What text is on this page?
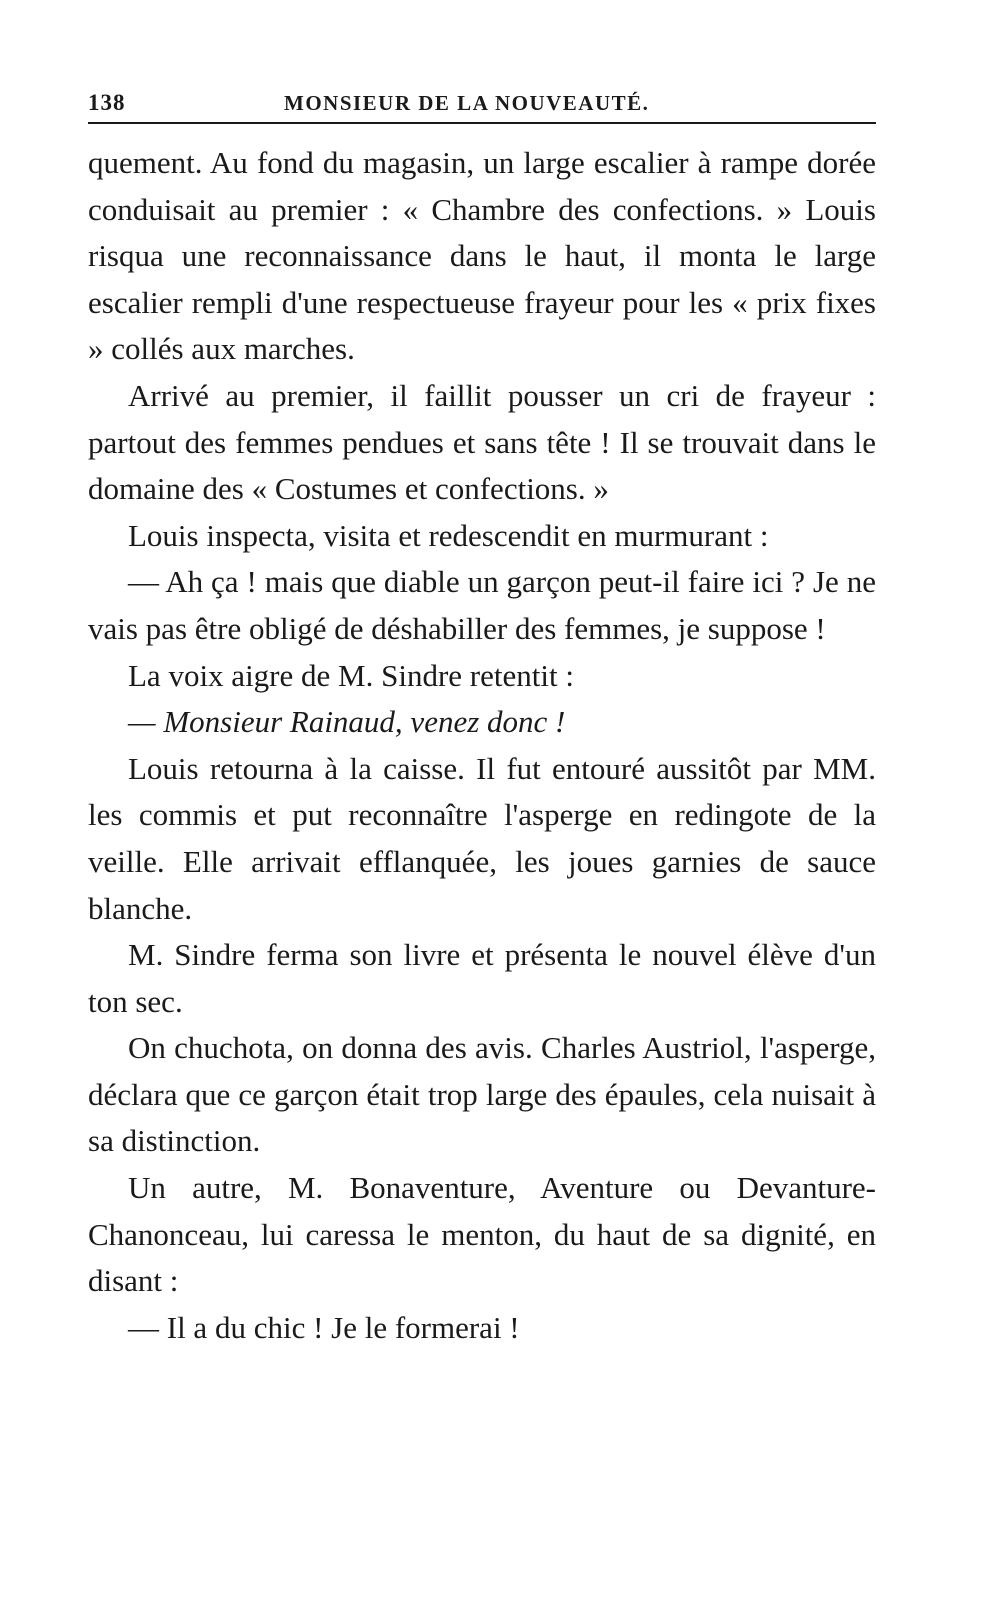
138	MONSIEUR DE LA NOUVEAUTÉ.

quement. Au fond du magasin, un large escalier à rampe dorée conduisait au premier : « Chambre des confections. » Louis risqua une reconnaissance dans le haut, il monta le large escalier rempli d'une respectueuse frayeur pour les « prix fixes » collés aux marches.

Arrivé au premier, il faillit pousser un cri de frayeur : partout des femmes pendues et sans tête ! Il se trouvait dans le domaine des « Costumes et confections. »

Louis inspecta, visita et redescendit en murmurant :

— Ah ça ! mais que diable un garçon peut-il faire ici ? Je ne vais pas être obligé de déshabiller des femmes, je suppose !

La voix aigre de M. Sindre retentit :

— Monsieur Rainaud, venez donc !

Louis retourna à la caisse. Il fut entouré aussitôt par MM. les commis et put reconnaître l'asperge en redingote de la veille. Elle arrivait efflanquée, les joues garnies de sauce blanche.

M. Sindre ferma son livre et présenta le nouvel élève d'un ton sec.

On chuchota, on donna des avis. Charles Austriol, l'asperge, déclara que ce garçon était trop large des épaules, cela nuisait à sa distinction.

Un autre, M. Bonaventure, Aventure ou Devanture-Chanonceau, lui caressa le menton, du haut de sa dignité, en disant :

— Il a du chic ! Je le formerai !
